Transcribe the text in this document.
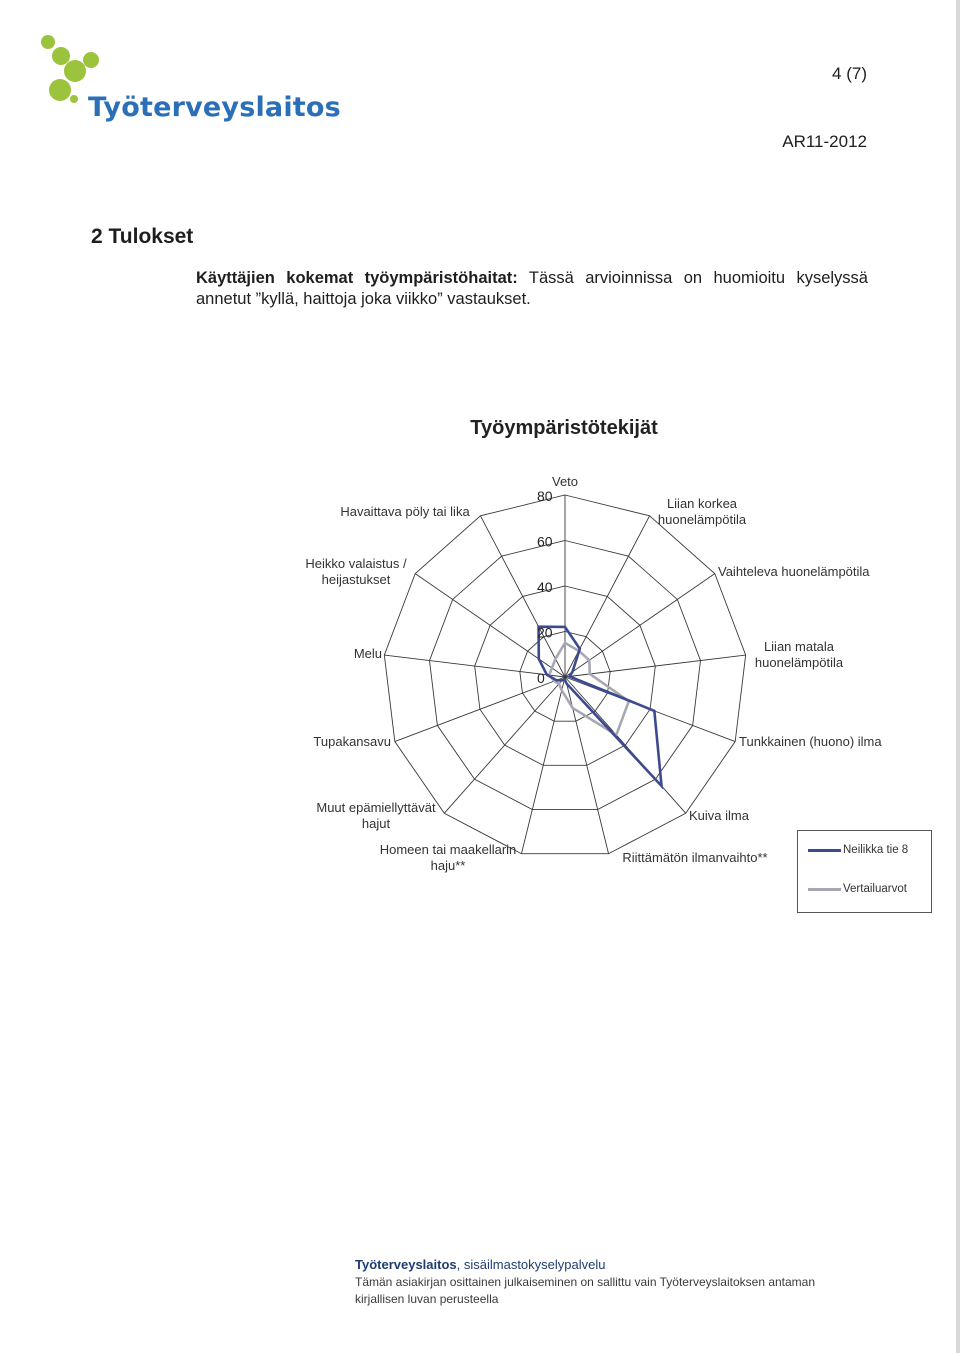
Työterveyslaitos
4 (7)
AR11-2012
2 Tulokset
Käyttäjien kokemat työympäristöhaitat: Tässä arvioinnissa on huomioitu kyselyssä annetut ”kyllä, haittoja joka viikko” vastaukset.
Työympäristötekijät
0
20
40
60
80
Veto
Liian korkea huonelämpötila
Vaihteleva huonelämpötila
Liian matala huonelämpötila
Tunkkainen (huono) ilma
Kuiva ilma
Riittämätön ilmanvaihto**
Homeen tai maakellarin haju**
Muut epämiellyttävät hajut
Tupakansavu
Melu
Heikko valaistus / heijastukset
Havaittava pöly tai lika
Neilikka tie 8
Vertailuarvot
Työterveyslaitos, sisäilmastokyselypalvelu
Tämän asiakirjan osittainen julkaiseminen on sallittu vain Työterveyslaitoksen antaman
kirjallisen luvan perusteella
